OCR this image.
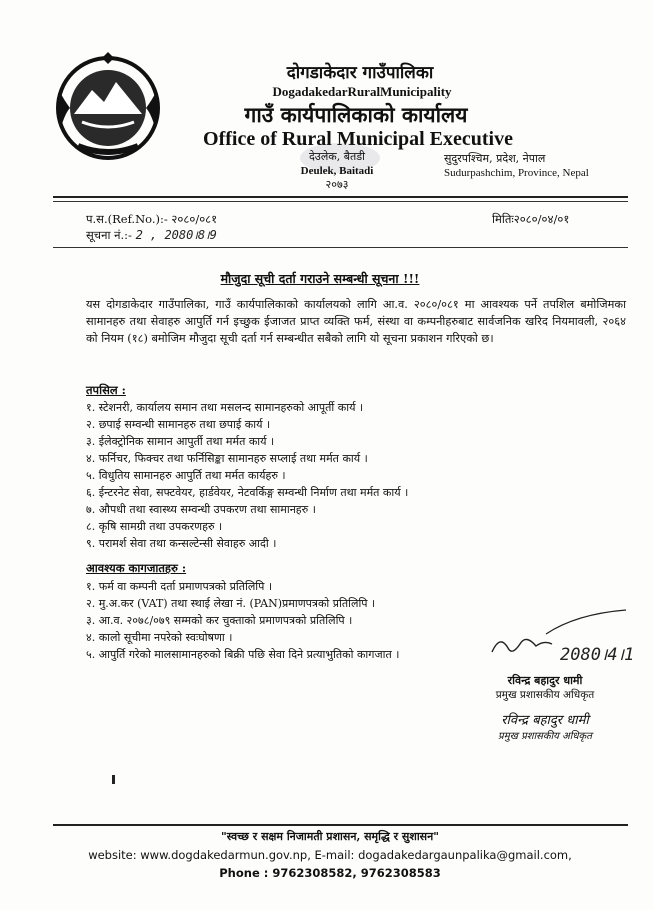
दोगडाकेदार गाउँपालिका
DogadakedarRuralMunicipality
गाउँ कार्यपालिकाको कार्यालय
Office of Rural Municipal Executive
देउलेक, बैतडी
Deulek, Baitadi
२०७३
सुदुरपश्चिम, प्रदेश, नेपाल
Sudurpashchim, Province, Nepal
प.स.(Ref.No.):- २०८०/०८१
सूचना नं.:- 2 , 2080।8।9
मितिः२०८०/०४/०१
मौजुदा सूची दर्ता गराउने सम्बन्धी सूचना !!!
यस दोगडाकेदार गाउँपालिका, गाउँ कार्यपालिकाको कार्यालयको लागि आ.व. २०८०/०८१ मा आवश्यक पर्ने तपशिल बमोजिमका सामानहरु तथा सेवाहरु आपुर्ति गर्न इच्छुक ईजाजत प्राप्त व्यक्ति फर्म, संस्था वा कम्पनीहरुबाट सार्वजनिक खरिद नियमावली, २०६४ को नियम (१८) बमोजिम मौजुदा सूची दर्ता गर्न सम्बन्धीत सबैको लागि यो सूचना प्रकाशन गरिएको छ।
तपसिल :
१. स्टेशनरी, कार्यालय समान तथा मसलन्द सामानहरुको आपूर्ती कार्य ।
२. छपाई सम्वन्धी सामानहरु तथा छपाई कार्य ।
३. ईलेक्ट्रोनिक सामान आपुर्ती तथा मर्मत कार्य ।
४. फर्निचर, फिक्चर तथा फर्निसिङ्का सामानहरु सप्लाई तथा मर्मत कार्य ।
५. विधुतिय सामानहरु आपुर्ति तथा मर्मत कार्यहरु ।
६. ईन्टरनेट सेवा, सफ्टवेयर, हार्डवेयर, नेटवर्किङ्ग सम्वन्धी निर्माण तथा मर्मत कार्य ।
७. औपधी तथा स्वास्थ्य सम्वन्धी उपकरण तथा सामानहरु ।
८. कृषि सामग्री तथा उपकरणहरु ।
९. परामर्श सेवा तथा कन्सल्टेन्सी सेवाहरु आदी ।
आवश्यक कागजातहरु :
१. फर्म वा कम्पनी दर्ता प्रमाणपत्रको प्रतिलिपि ।
२. मु.अ.कर (VAT) तथा स्थाई लेखा नं. (PAN)प्रमाणपत्रको प्रतिलिपि ।
३. आ.व. २०७८/०७९ सम्मको कर चुक्ताको प्रमाणपत्रको प्रतिलिपि ।
४. कालो सूचीमा नपरेको स्वःघोषणा ।
५. आपुर्ति गरेको मालसामानहरुको बिक्री पछि सेवा दिने प्रत्याभुतिको कागजात ।	2080।4।1
रविन्द्र बहादुर धामी
प्रमुख प्रशासकीय अधिकृत
रविन्द्र बहादुर धामी
प्रमुख प्रशासकीय अधिकृत
"स्वच्छ र सक्षम निजामती प्रशासन, समृद्धि र सुशासन"
website: www.dogdakedarmun.gov.np, E-mail: dogadakedargaunpalika@gmail.com,
Phone : 9762308582, 9762308583
